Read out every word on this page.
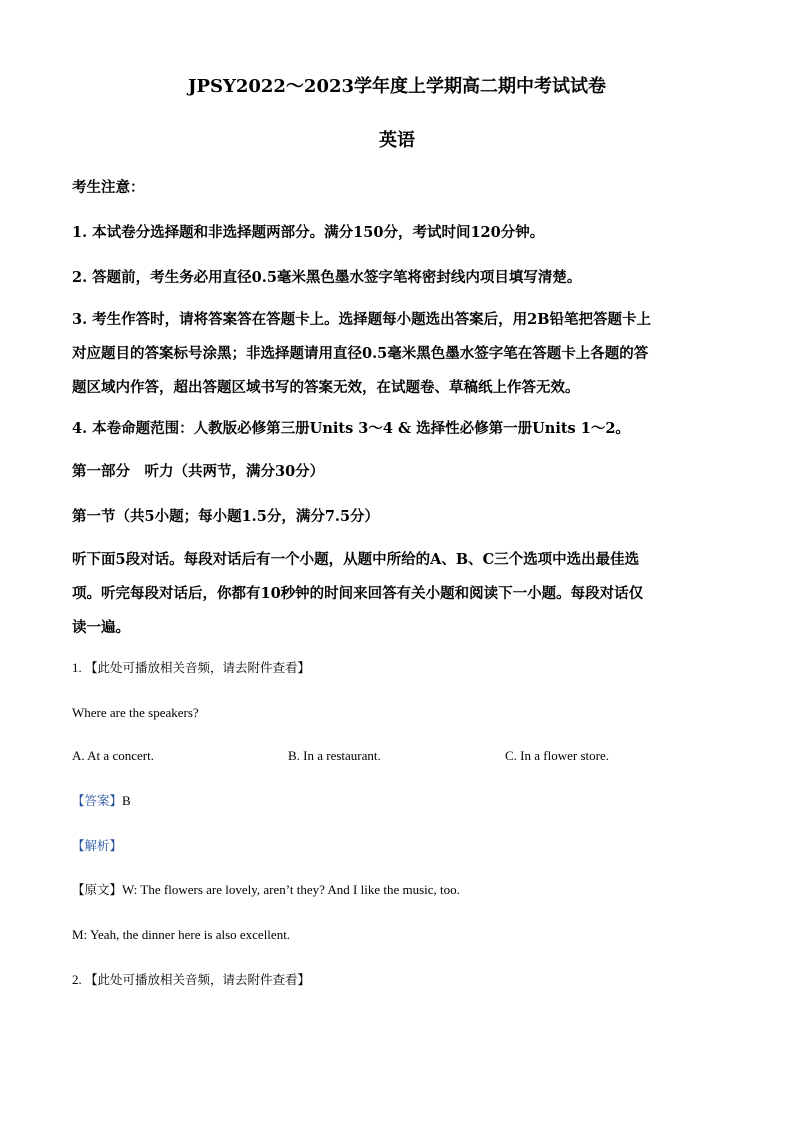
JPSY2022～2023学年度上学期高二期中考试试卷
英语
考生注意：
1. 本试卷分选择题和非选择题两部分。满分150分，考试时间120分钟。
2. 答题前，考生务必用直径0.5毫米黑色墨水签字笔将密封线内项目填写清楚。
3. 考生作答时，请将答案答在答题卡上。选择题每小题选出答案后，用2B铅笔把答题卡上
对应题目的答案标号涂黑；非选择题请用直径0.5毫米黑色墨水签字笔在答题卡上各题的答
题区域内作答，超出答题区域书写的答案无效，在试题卷、草稿纸上作答无效。
4. 本卷命题范围：人教版必修第三册Units 3～4 & 选择性必修第一册Units 1～2。
第一部分　听力（共两节，满分30分）
第一节（共5小题；每小题1.5分，满分7.5分）
听下面5段对话。每段对话后有一个小题，从题中所给的A、B、C三个选项中选出最佳选
项。听完每段对话后，你都有10秒钟的时间来回答有关小题和阅读下一小题。每段对话仅
读一遍。
1. 【此处可播放相关音频，请去附件查看】
Where are the speakers?
A. At a concert.	B. In a restaurant.	C. In a flower store.
【答案】B
【解析】
【原文】W: The flowers are lovely, aren’t they? And I like the music, too.
M: Yeah, the dinner here is also excellent.
2. 【此处可播放相关音频，请去附件查看】
